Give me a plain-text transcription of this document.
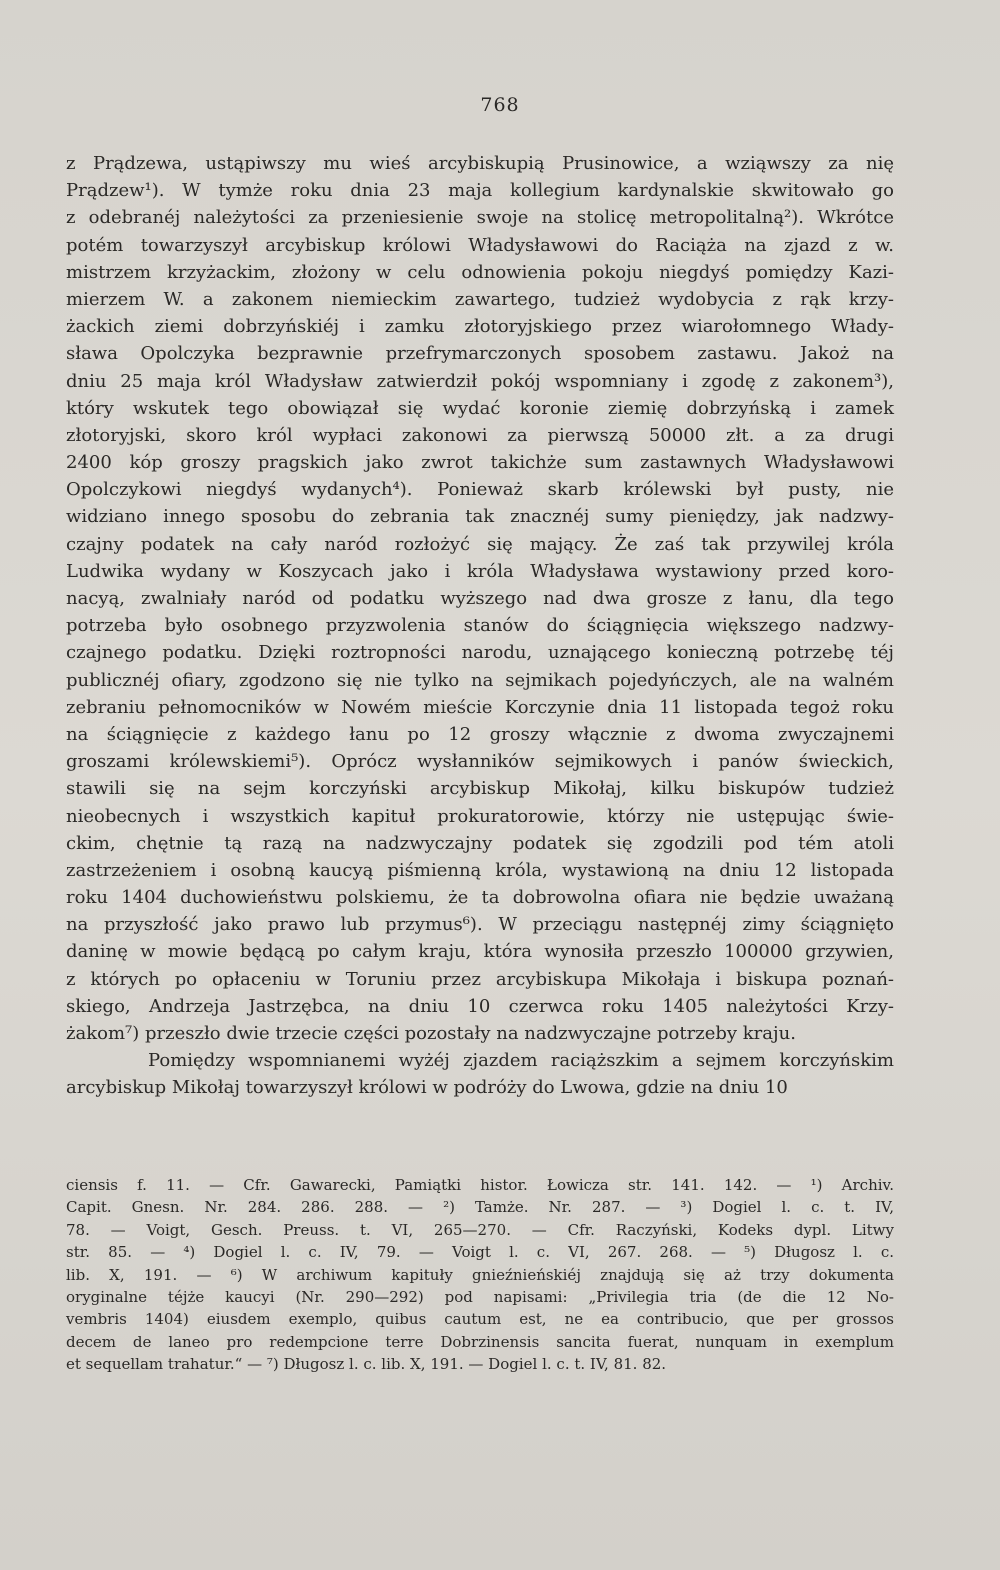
768
z Prądzewa, ustąpiwszy mu wieś arcybiskupią Prusinowice, a wziąwszy za nię
Prądzew¹). W tymże roku dnia 23 maja kollegium kardynalskie skwitowało go
z odebranéj należytości za przeniesienie swoje na stolicę metropolitalną²). Wkrótce
potém towarzyszył arcybiskup królowi Władysławowi do Raciąża na zjazd z w.
mistrzem krzyżackim, złożony w celu odnowienia pokoju niegdyś pomiędzy Kazi-
mierzem W. a zakonem niemieckim zawartego, tudzież wydobycia z rąk krzy-
żackich ziemi dobrzyńskiéj i zamku złotoryjskiego przez wiarołomnego Włady-
sława Opolczyka bezprawnie przefrymarczonych sposobem zastawu. Jakoż na
dniu 25 maja król Władysław zatwierdził pokój wspomniany i zgodę z zakonem³),
który wskutek tego obowiązał się wydać koronie ziemię dobrzyńską i zamek
złotoryjski, skoro król wypłaci zakonowi za pierwszą 50000 złt. a za drugi
2400 kóp groszy pragskich jako zwrot takichże sum zastawnych Władysławowi
Opolczykowi niegdyś wydanych⁴). Ponieważ skarb królewski był pusty, nie
widziano innego sposobu do zebrania tak znacznéj sumy pieniędzy, jak nadzwy-
czajny podatek na cały naród rozłożyć się mający. Że zaś tak przywilej króla
Ludwika wydany w Koszycach jako i króla Władysława wystawiony przed koro-
nacyą, zwalniały naród od podatku wyższego nad dwa grosze z łanu, dla tego
potrzeba było osobnego przyzwolenia stanów do ściągnięcia większego nadzwy-
czajnego podatku. Dzięki roztropności narodu, uznającego konieczną potrzebę téj
publicznéj ofiary, zgodzono się nie tylko na sejmikach pojedyńczych, ale na walném
zebraniu pełnomocników w Nowém mieście Korczynie dnia 11 listopada tegoż roku
na ściągnięcie z każdego łanu po 12 groszy włącznie z dwoma zwyczajnemi
groszami królewskiemi⁵). Oprócz wysłanników sejmikowych i panów świeckich,
stawili się na sejm korczyński arcybiskup Mikołaj, kilku biskupów tudzież
nieobecnych i wszystkich kapituł prokuratorowie, którzy nie ustępując świe-
ckim, chętnie tą razą na nadzwyczajny podatek się zgodzili pod tém atoli
zastrzeżeniem i osobną kaucyą piśmienną króla, wystawioną na dniu 12 listopada
roku 1404 duchowieństwu polskiemu, że ta dobrowolna ofiara nie będzie uważaną
na przyszłość jako prawo lub przymus⁶). W przeciągu następnéj zimy ściągnięto
daninę w mowie będącą po całym kraju, która wynosiła przeszło 100000 grzywien,
z których po opłaceniu w Toruniu przez arcybiskupa Mikołaja i biskupa poznań-
skiego, Andrzeja Jastrzębca, na dniu 10 czerwca roku 1405 należytości Krzy-
żakom⁷) przeszło dwie trzecie części pozostały na nadzwyczajne potrzeby kraju.
Pomiędzy wspomnianemi wyżéj zjazdem raciąższkim a sejmem korczyńskim
arcybiskup Mikołaj towarzyszył królowi w podróży do Lwowa, gdzie na dniu 10
ciensis f. 11. — Cfr. Gawarecki, Pamiątki histor. Łowicza str. 141. 142. — ¹) Archiv.
Capit. Gnesn. Nr. 284. 286. 288. — ²) Tamże. Nr. 287. — ³) Dogiel l. c. t. IV,
78. — Voigt, Gesch. Preuss. t. VI, 265—270. — Cfr. Raczyński, Kodeks dypl. Litwy
str. 85. — ⁴) Dogiel l. c. IV, 79. — Voigt l. c. VI, 267. 268. — ⁵) Długosz l. c.
lib. X, 191. — ⁶) W archiwum kapituły gnieźnieńskiéj znajdują się aż trzy dokumenta
oryginalne téjże kaucyi (Nr. 290—292) pod napisami: „Privilegia tria (de die 12 No-
vembris 1404) eiusdem exemplo, quibus cautum est, ne ea contribucio, que per grossos
decem de laneo pro redempcione terre Dobrzinensis sancita fuerat, nunquam in exemplum
et sequellam trahatur.“ — ⁷) Długosz l. c. lib. X, 191. — Dogiel l. c. t. IV, 81. 82.
